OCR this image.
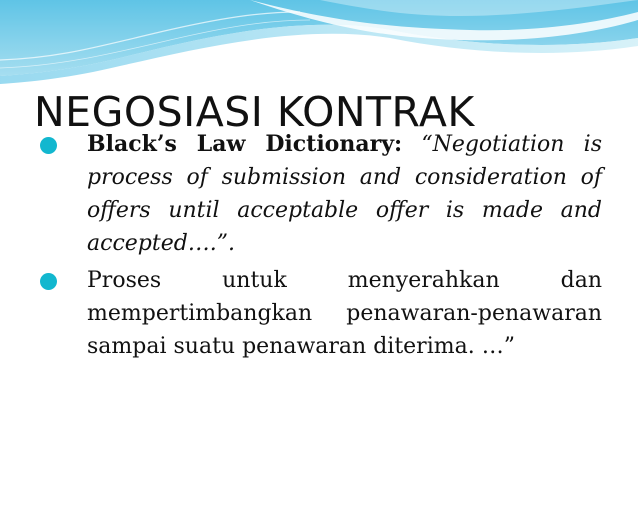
NEGOSIASI KONTRAK
Black’s Law Dictionary: “Negotiation is process of submission and consideration of offers until acceptable offer is made and accepted….”.
Proses untuk menyerahkan dan mempertimbangkan penawaran-penawaran sampai suatu penawaran diterima. …”
